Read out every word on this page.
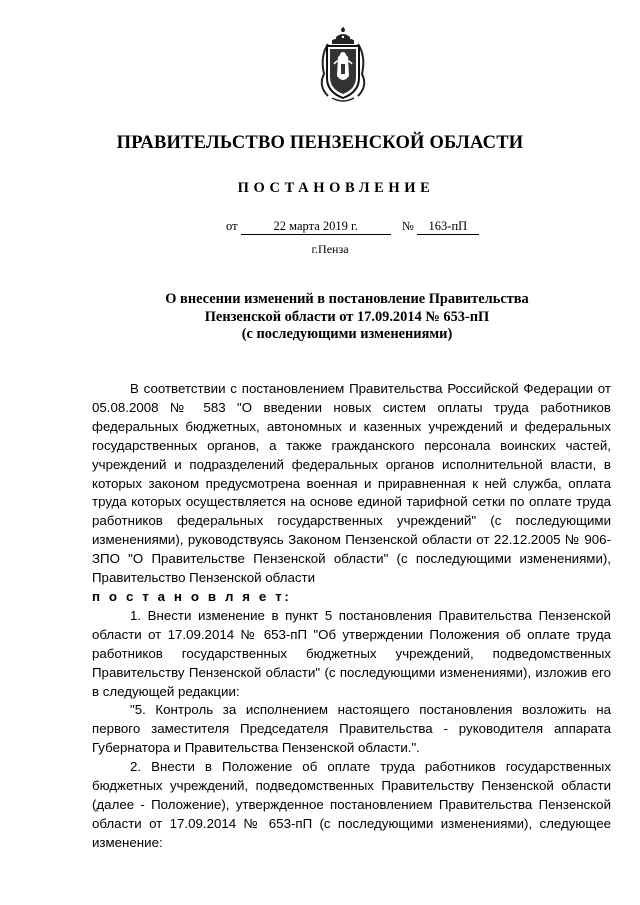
ПРАВИТЕЛЬСТВО ПЕНЗЕНСКОЙ ОБЛАСТИ
ПОСТАНОВЛЕНИЕ
от	22 марта 2019 г.	№ 163-пП
г.Пенза
О внесении изменений в постановление Правительства
Пензенской области от 17.09.2014 № 653-пП
(с последующими изменениями)

В соответствии с постановлением Правительства Российской Федерации от 05.08.2008 № 583 "О введении новых систем оплаты труда работников федеральных бюджетных, автономных и казенных учреждений и федеральных государственных органов, а также гражданского персонала воинских частей, учреждений и подразделений федеральных органов исполнительной власти, в которых законом предусмотрена военная и приравненная к ней служба, оплата труда которых осуществляется на основе единой тарифной сетки по оплате труда работников федеральных государственных учреждений" (с последующими изменениями), руководствуясь Законом Пензенской области от 22.12.2005 № 906-ЗПО "О Правительстве Пензенской области" (с последующими изменениями), Правительство Пензенской области
п о с т а н о в л я е т:

1. Внести изменение в пункт 5 постановления Правительства Пензенской области от 17.09.2014 № 653-пП "Об утверждении Положения об оплате труда работников государственных бюджетных учреждений, подведомственных Правительству Пензенской области" (с последующими изменениями), изложив его в следующей редакции:

"5. Контроль за исполнением настоящего постановления возложить на первого заместителя Председателя Правительства - руководителя аппарата Губернатора и Правительства Пензенской области.".

2. Внести в Положение об оплате труда работников государственных бюджетных учреждений, подведомственных Правительству Пензенской области (далее - Положение), утвержденное постановлением Правительства Пензенской области от 17.09.2014 № 653-пП (с последующими изменениями), следующее изменение:
